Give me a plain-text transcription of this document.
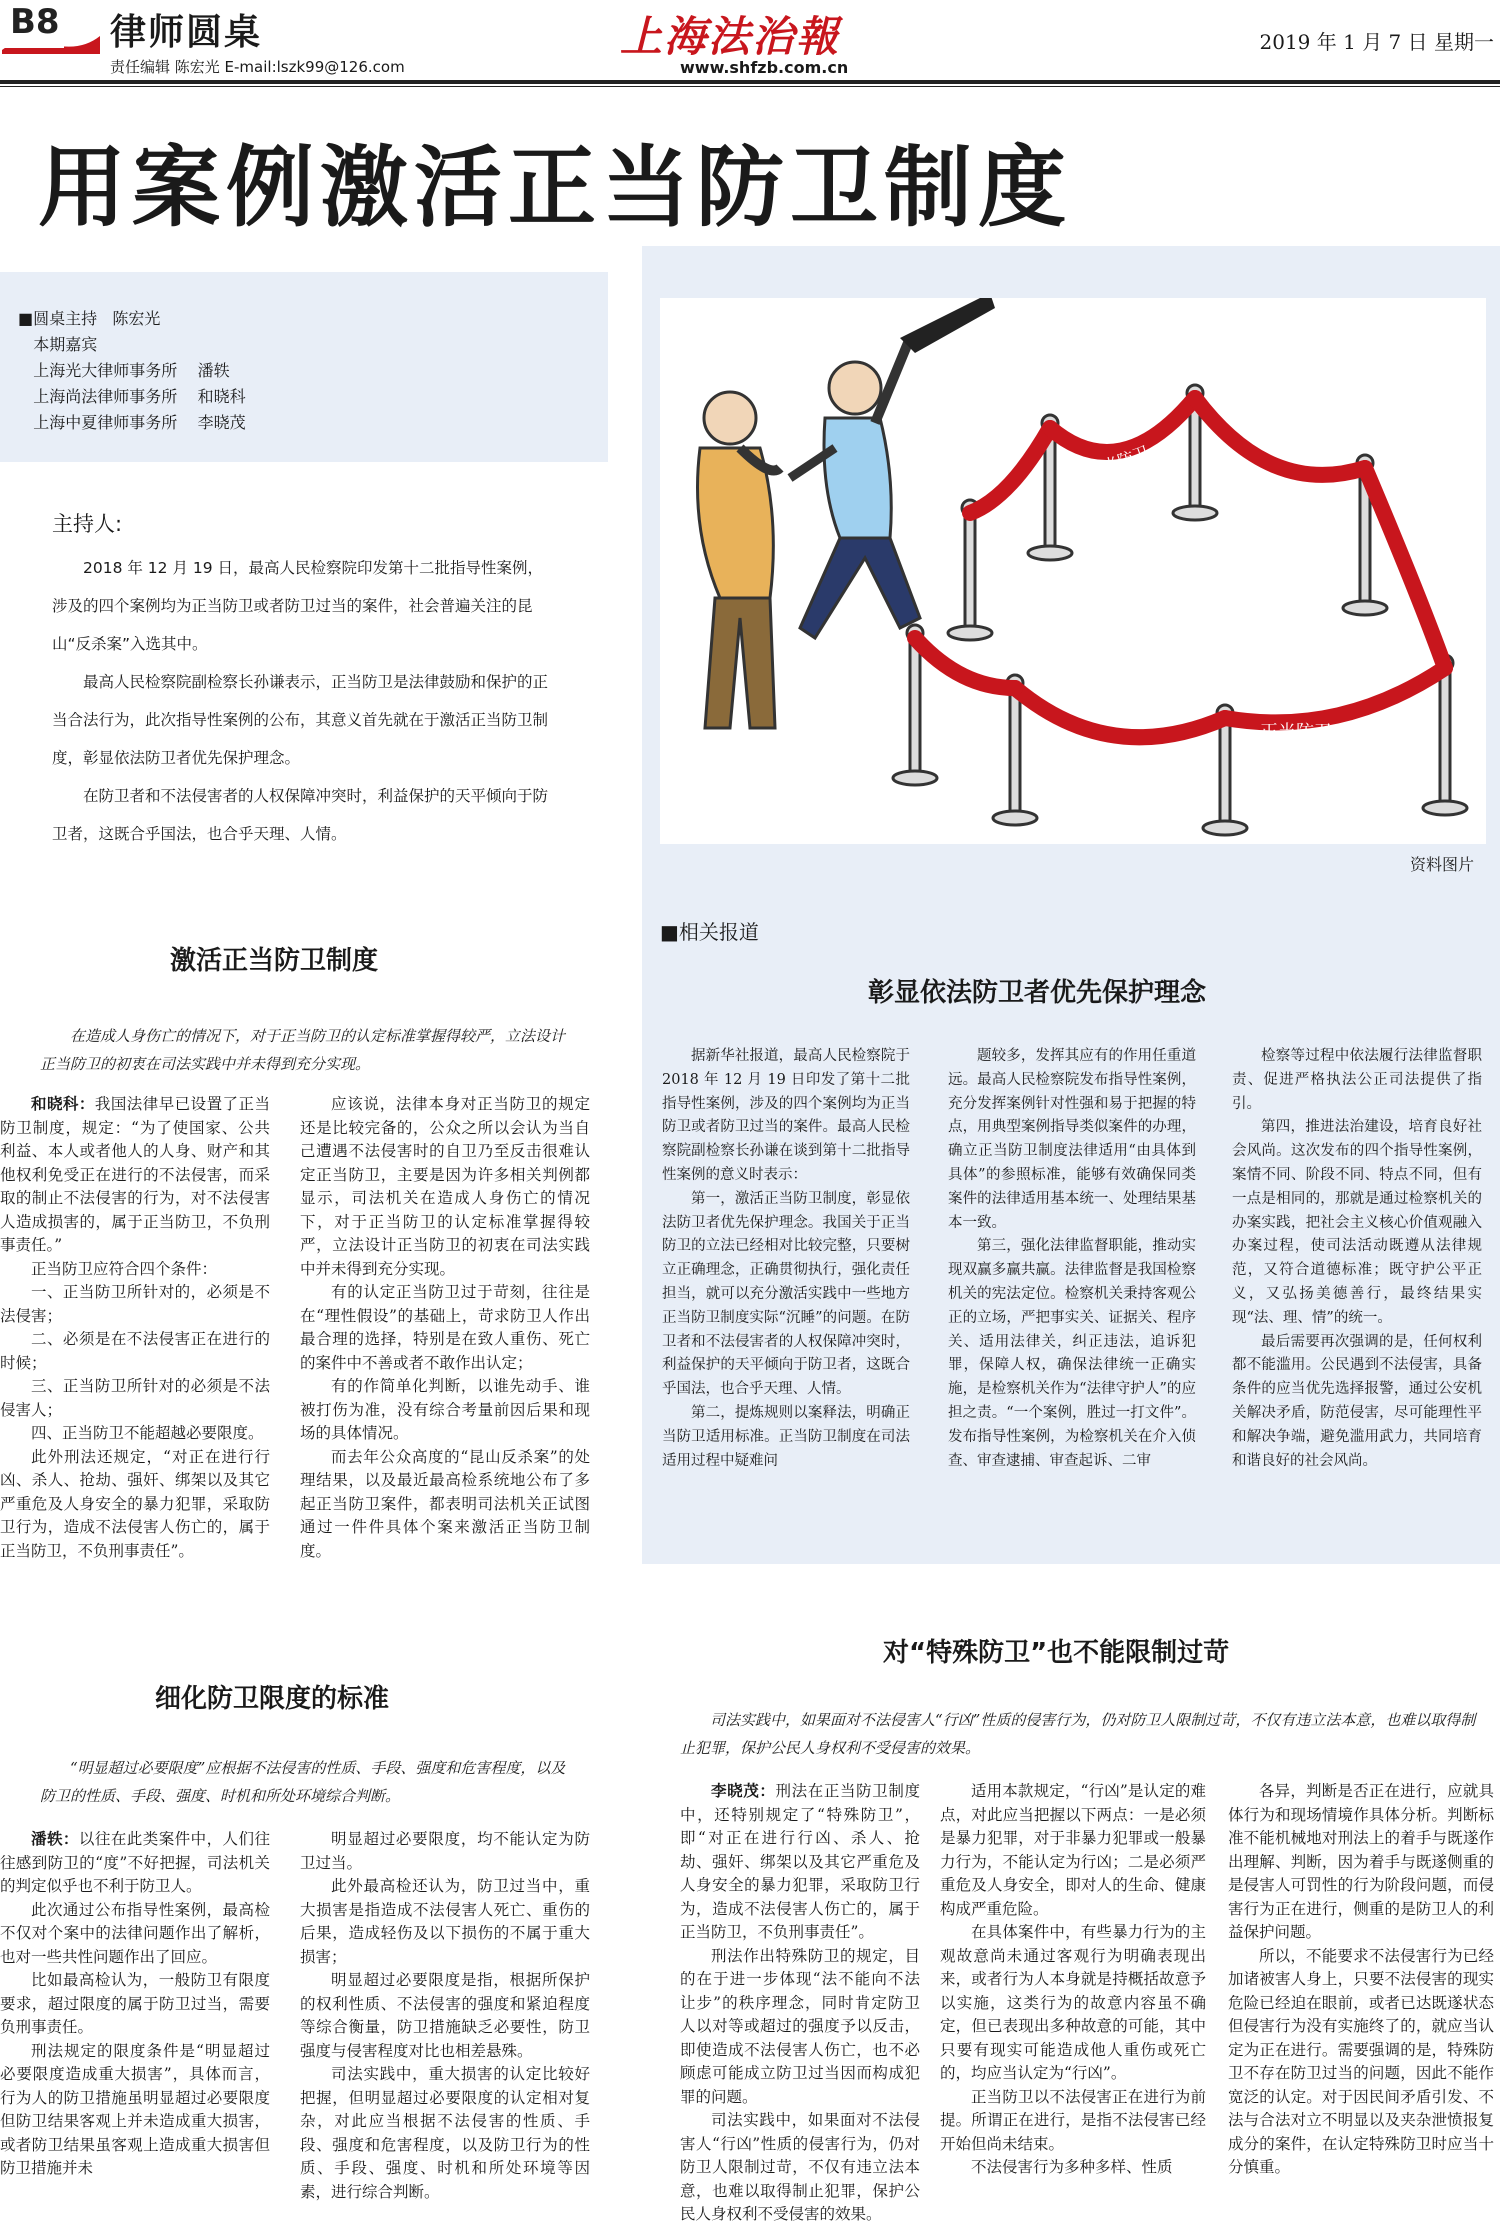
B8 律师圆桌
责任编辑 陈宏光 E-mail:lszk99@126.com
上海法治報
www.shfzb.com.cn
2019 年 1 月 7 日 星期一
用案例激活正当防卫制度
■圆桌主持   陈宏光
本期嘉宾
上海光大律师事务所    潘轶
上海尚法律师事务所    和晓科
上海中夏律师事务所    李晓茂
主持人:

2018 年 12 月 19 日，最高人民检察院印发第十二批指导性案例，涉及的四个案例均为正当防卫或者防卫过当的案件，社会普遍关注的昆山“反杀案”入选其中。

最高人民检察院副检察长孙谦表示，正当防卫是法律鼓励和保护的正当合法行为，此次指导性案例的公布，其意义首先就在于激活正当防卫制度，彰显依法防卫者优先保护理念。

在防卫者和不法侵害者的人权保障冲突时，利益保护的天平倾向于防卫者，这既合乎国法，也合乎天理、人情。

正当防卫
正当防卫
资料图片
■相关报道
激活正当防卫制度
在造成人身伤亡的情况下，对于正当防卫的认定标准掌握得较严，立法设计正当防卫的初衷在司法实践中并未得到充分实现。

和晓科：我国法律早已设置了正当防卫制度，规定：“为了使国家、公共利益、本人或者他人的人身、财产和其他权利免受正在进行的不法侵害，而采取的制止不法侵害的行为，对不法侵害人造成损害的，属于正当防卫，不负刑事责任。”

正当防卫应符合四个条件：

一、正当防卫所针对的，必须是不法侵害；

二、必须是在不法侵害正在进行的时候；

三、正当防卫所针对的必须是不法侵害人；

四、正当防卫不能超越必要限度。

此外刑法还规定，“对正在进行行凶、杀人、抢劫、强奸、绑架以及其它严重危及人身安全的暴力犯罪，采取防卫行为，造成不法侵害人伤亡的，属于正当防卫，不负刑事责任”。

应该说，法律本身对正当防卫的规定还是比较完备的，公众之所以会认为当自己遭遇不法侵害时的自卫乃至反击很难认定正当防卫，主要是因为许多相关判例都显示，司法机关在造成人身伤亡的情况下，对于正当防卫的认定标准掌握得较严，立法设计正当防卫的初衷在司法实践中并未得到充分实现。

有的认定正当防卫过于苛刻，往往是在“理性假设”的基础上，苛求防卫人作出最合理的选择，特别是在致人重伤、死亡的案件中不善或者不敢作出认定；

有的作简单化判断，以谁先动手、谁被打伤为准，没有综合考量前因后果和现场的具体情况。

而去年公众高度的“昆山反杀案”的处理结果，以及最近最高检系统地公布了多起正当防卫案件，都表明司法机关正试图通过一件件具体个案来激活正当防卫制度。

细化防卫限度的标准
“明显超过必要限度”应根据不法侵害的性质、手段、强度和危害程度，以及防卫的性质、手段、强度、时机和所处环境综合判断。

潘轶：以往在此类案件中，人们往往感到防卫的“度”不好把握，司法机关的判定似乎也不利于防卫人。

此次通过公布指导性案例，最高检不仅对个案中的法律问题作出了解析，也对一些共性问题作出了回应。

比如最高检认为，一般防卫有限度要求，超过限度的属于防卫过当，需要负刑事责任。

刑法规定的限度条件是“明显超过必要限度造成重大损害”，具体而言，行为人的防卫措施虽明显超过必要限度但防卫结果客观上并未造成重大损害，或者防卫结果虽客观上造成重大损害但防卫措施并未

明显超过必要限度，均不能认定为防卫过当。

此外最高检还认为，防卫过当中，重大损害是指造成不法侵害人死亡、重伤的后果，造成轻伤及以下损伤的不属于重大损害；

明显超过必要限度是指，根据所保护的权利性质、不法侵害的强度和紧迫程度等综合衡量，防卫措施缺乏必要性，防卫强度与侵害程度对比也相差悬殊。

司法实践中，重大损害的认定比较好把握，但明显超过必要限度的认定相对复杂，对此应当根据不法侵害的性质、手段、强度和危害程度，以及防卫行为的性质、手段、强度、时机和所处环境等因素，进行综合判断。

彰显依法防卫者优先保护理念

据新华社报道，最高人民检察院于 2018 年 12 月 19 日印发了第十二批指导性案例，涉及的四个案例均为正当防卫或者防卫过当的案件。最高人民检察院副检察长孙谦在谈到第十二批指导性案例的意义时表示：

第一，激活正当防卫制度，彰显依法防卫者优先保护理念。我国关于正当防卫的立法已经相对比较完整，只要树立正确理念，正确贯彻执行，强化责任担当，就可以充分激活实践中一些地方正当防卫制度实际“沉睡”的问题。在防卫者和不法侵害者的人权保障冲突时，利益保护的天平倾向于防卫者，这既合乎国法，也合乎天理、人情。

第二，提炼规则以案释法，明确正当防卫适用标准。正当防卫制度在司法适用过程中疑难问

题较多，发挥其应有的作用任重道远。最高人民检察院发布指导性案例，充分发挥案例针对性强和易于把握的特点，用典型案例指导类似案件的办理，确立正当防卫制度法律适用“由具体到具体”的参照标准，能够有效确保同类案件的法律适用基本统一、处理结果基本一致。

第三，强化法律监督职能，推动实现双赢多赢共赢。法律监督是我国检察机关的宪法定位。检察机关秉持客观公正的立场，严把事实关、证据关、程序关、适用法律关，纠正违法，追诉犯罪，保障人权，确保法律统一正确实施，是检察机关作为“法律守护人”的应担之责。“一个案例，胜过一打文件”。发布指导性案例，为检察机关在介入侦查、审查逮捕、审查起诉、二审

检察等过程中依法履行法律监督职责、促进严格执法公正司法提供了指引。

第四，推进法治建设，培育良好社会风尚。这次发布的四个指导性案例，案情不同、阶段不同、特点不同，但有一点是相同的，那就是通过检察机关的办案实践，把社会主义核心价值观融入办案过程，使司法活动既遵从法律规范，又符合道德标准；既守护公平正义，又弘扬美德善行，最终结果实现“法、理、情”的统一。

最后需要再次强调的是，任何权利都不能滥用。公民遇到不法侵害，具备条件的应当优先选择报警，通过公安机关解决矛盾，防范侵害，尽可能理性平和解决争端，避免滥用武力，共同培育和谐良好的社会风尚。

对“特殊防卫”也不能限制过苛
司法实践中，如果面对不法侵害人“行凶”性质的侵害行为，仍对防卫人限制过苛，不仅有违立法本意，也难以取得制止犯罪，保护公民人身权利不受侵害的效果。

李晓茂：刑法在正当防卫制度中，还特别规定了“特殊防卫”，即“对正在进行行凶、杀人、抢劫、强奸、绑架以及其它严重危及人身安全的暴力犯罪，采取防卫行为，造成不法侵害人伤亡的，属于正当防卫，不负刑事责任”。

刑法作出特殊防卫的规定，目的在于进一步体现“法不能向不法让步”的秩序理念，同时肯定防卫人以对等或超过的强度予以反击，即使造成不法侵害人伤亡，也不必顾虑可能成立防卫过当因而构成犯罪的问题。

司法实践中，如果面对不法侵害人“行凶”性质的侵害行为，仍对防卫人限制过苛，不仅有违立法本意，也难以取得制止犯罪，保护公民人身权利不受侵害的效果。

适用本款规定，“行凶”是认定的难点，对此应当把握以下两点：一是必须是暴力犯罪，对于非暴力犯罪或一般暴力行为，不能认定为行凶；二是必须严重危及人身安全，即对人的生命、健康构成严重危险。

在具体案件中，有些暴力行为的主观故意尚未通过客观行为明确表现出来，或者行为人本身就是持概括故意予以实施，这类行为的故意内容虽不确定，但已表现出多种故意的可能，其中只要有现实可能造成他人重伤或死亡的，均应当认定为“行凶”。

正当防卫以不法侵害正在进行为前提。所谓正在进行，是指不法侵害已经开始但尚未结束。

不法侵害行为多种多样、性质

各异，判断是否正在进行，应就具体行为和现场情境作具体分析。判断标准不能机械地对刑法上的着手与既遂作出理解、判断，因为着手与既遂侧重的是侵害人可罚性的行为阶段问题，而侵害行为正在进行，侧重的是防卫人的利益保护问题。

所以，不能要求不法侵害行为已经加诸被害人身上，只要不法侵害的现实危险已经迫在眼前，或者已达既遂状态但侵害行为没有实施终了的，就应当认定为正在进行。需要强调的是，特殊防卫不存在防卫过当的问题，因此不能作宽泛的认定。对于因民间矛盾引发、不法与合法对立不明显以及夹杂泄愤报复成分的案件，在认定特殊防卫时应当十分慎重。
